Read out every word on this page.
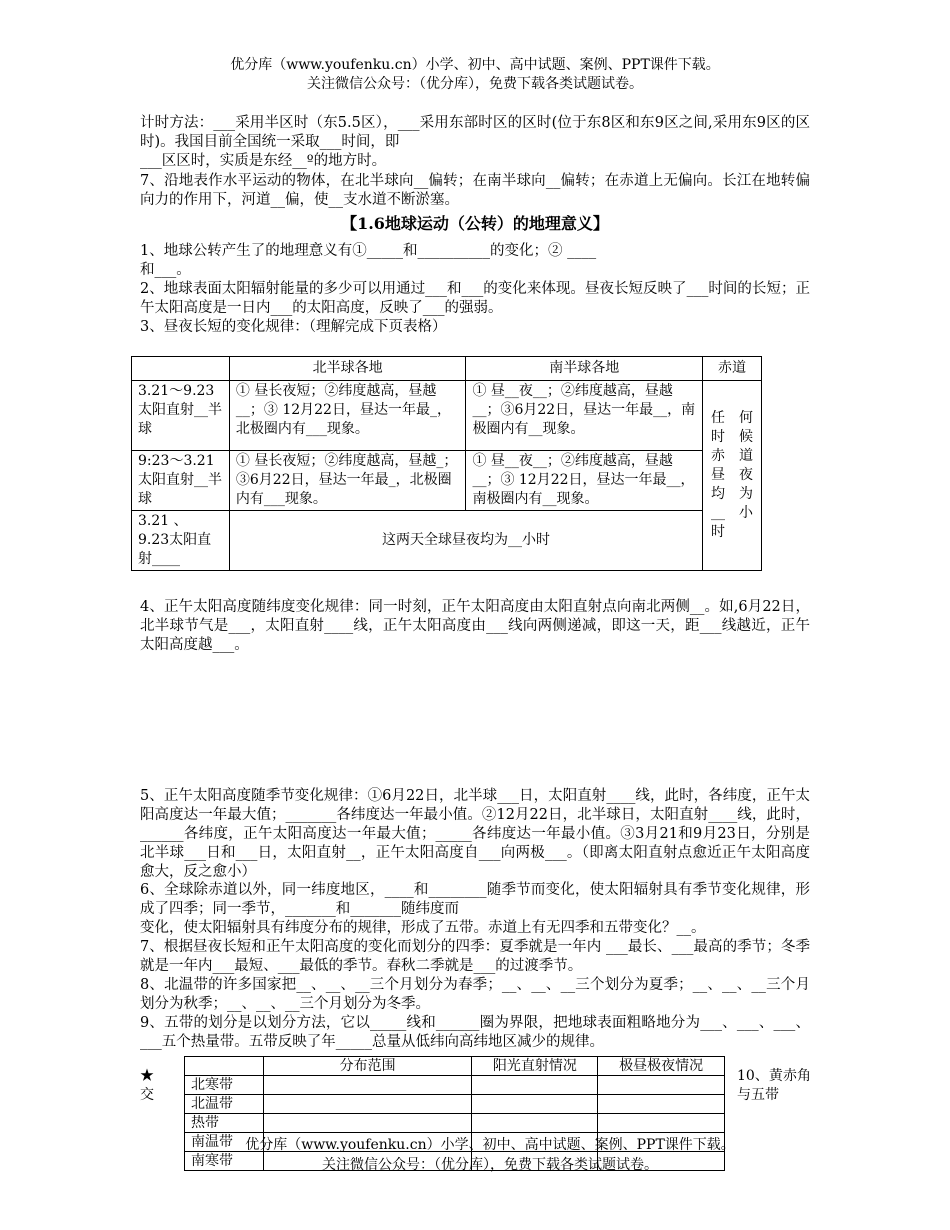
优分库（www.youfenku.cn）小学、初中、高中试题、案例、PPT课件下载。
关注微信公众号：（优分库），免费下载各类试题试卷。
计时方法：___采用半区时（东5.5区），___采用东部时区的区时(位于东8区和东9区之间,采用东9区的区时)。我国目前全国统一采取___时间，即
___区区时，实质是东经__º的地方时。
7、沿地表作水平运动的物体，在北半球向__偏转；在南半球向__偏转；在赤道上无偏向。长江在地转偏向力的作用下，河道__偏，使__支水道不断淤塞。
【1.6地球运动（公转）的地理意义】
1、地球公转产生了的地理意义有①_____和__________的变化；② ____
和___。
2、地球表面太阳辐射能量的多少可以用通过___和___的变化来体现。昼夜长短反映了___时间的长短；正午太阳高度是一日内___的太阳高度，反映了___的强弱。
3、昼夜长短的变化规律：（理解完成下页表格）
	北半球各地	南半球各地	赤道
3.21～9.23太阳直射__半球	① 昼长夜短；②纬度越高，昼越__；③ 12月22日，昼达一年最_，北极圈内有___现象。	① 昼__夜__；②纬度越高，昼越__；③6月22日，昼达一年最__，南极圈内有__现象。	任何时候赤道昼夜均为__小时
9:23～3.21太阳直射__半球	① 昼长夜短；②纬度越高，昼越_；③6月22日，昼达一年最_，北极圈内有___现象。	① 昼__夜__；②纬度越高，昼越__；③ 12月22日，昼达一年最__，南极圈内有__现象。	
3.21 、 9.23太阳直射____	这两天全球昼夜均为__小时		
4、正午太阳高度随纬度变化规律：同一时刻，正午太阳高度由太阳直射点向南北两侧__。如,6月22日，北半球节气是___，太阳直射____线，正午太阳高度由___线向两侧递减，即这一天，距___线越近，正午太阳高度越___。
5、正午太阳高度随季节变化规律：①6月22日，北半球___日，太阳直射____线，此时，各纬度，正午太阳高度达一年最大值；_______各纬度达一年最小值。②12月22日，北半球日，太阳直射____线，此时，______各纬度，正午太阳高度达一年最大值；_____各纬度达一年最小值。③3月21和9月23日，分别是北半球___日和___日，太阳直射__，正午太阳高度自___向两极___。（即离太阳直射点愈近正午太阳高度愈大，反之愈小）
6、全球除赤道以外，同一纬度地区，____和________随季节而变化，使太阳辐射具有季节变化规律，形成了四季；同一季节，_______和_______随纬度而
变化，使太阳辐射具有纬度分布的规律，形成了五带。赤道上有无四季和五带变化？__。
7、根据昼夜长短和正午太阳高度的变化而划分的四季：夏季就是一年内 ___最长、___最高的季节；冬季就是一年内___最短、___最低的季节。春秋二季就是___的过渡季节。
8、北温带的许多国家把__、__、__三个月划分为春季；__、__、__三个划分为夏季；__、__、__三个月划分为秋季；__、__、__三个月划分为冬季。
9、五带的划分是以划分方法，它以_____线和______圈为界限，把地球表面粗略地分为___、___、___、___五个热量带。五带反映了年_____总量从低纬向高纬地区减少的规律。
★交
	分布范围	阳光直射情况	极昼极夜情况
北寒带			
北温带			
热带			
南温带			
南寒带			
10、黄赤角与五带
优分库（www.youfenku.cn）小学、初中、高中试题、案例、PPT课件下载。
关注微信公众号：（优分库），免费下载各类试题试卷。
